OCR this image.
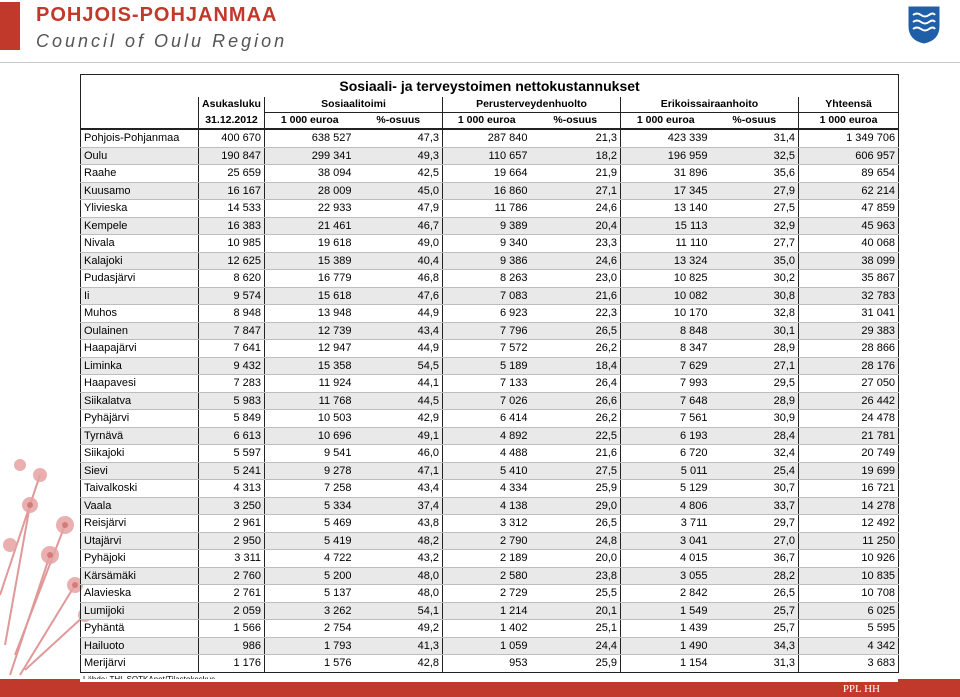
POHJOIS-POHJANMAA
Council of Oulu Region
Sosiaali- ja terveystoimen nettokustannukset								
	Asukasluku	Sosiaalitoimi		Perusterveydenhuolto		Erikoissairaanhoito		Yhteensä
	31.12.2012	1 000 euroa	%-osuus	1 000 euroa	%-osuus	1 000 euroa	%-osuus	1 000 euroa
Pohjois-Pohjanmaa	400 670	638 527	47,3	287 840	21,3	423 339	31,4	1 349 706
Oulu	190 847	299 341	49,3	110 657	18,2	196 959	32,5	606 957
Raahe	25 659	38 094	42,5	19 664	21,9	31 896	35,6	89 654
Kuusamo	16 167	28 009	45,0	16 860	27,1	17 345	27,9	62 214
Ylivieska	14 533	22 933	47,9	11 786	24,6	13 140	27,5	47 859
Kempele	16 383	21 461	46,7	9 389	20,4	15 113	32,9	45 963
Nivala	10 985	19 618	49,0	9 340	23,3	11 110	27,7	40 068
Kalajoki	12 625	15 389	40,4	9 386	24,6	13 324	35,0	38 099
Pudasjärvi	8 620	16 779	46,8	8 263	23,0	10 825	30,2	35 867
Ii	9 574	15 618	47,6	7 083	21,6	10 082	30,8	32 783
Muhos	8 948	13 948	44,9	6 923	22,3	10 170	32,8	31 041
Oulainen	7 847	12 739	43,4	7 796	26,5	8 848	30,1	29 383
Haapajärvi	7 641	12 947	44,9	7 572	26,2	8 347	28,9	28 866
Liminka	9 432	15 358	54,5	5 189	18,4	7 629	27,1	28 176
Haapavesi	7 283	11 924	44,1	7 133	26,4	7 993	29,5	27 050
Siikalatva	5 983	11 768	44,5	7 026	26,6	7 648	28,9	26 442
Pyhäjärvi	5 849	10 503	42,9	6 414	26,2	7 561	30,9	24 478
Tyrnävä	6 613	10 696	49,1	4 892	22,5	6 193	28,4	21 781
Siikajoki	5 597	9 541	46,0	4 488	21,6	6 720	32,4	20 749
Sievi	5 241	9 278	47,1	5 410	27,5	5 011	25,4	19 699
Taivalkoski	4 313	7 258	43,4	4 334	25,9	5 129	30,7	16 721
Vaala	3 250	5 334	37,4	4 138	29,0	4 806	33,7	14 278
Reisjärvi	2 961	5 469	43,8	3 312	26,5	3 711	29,7	12 492
Utajärvi	2 950	5 419	48,2	2 790	24,8	3 041	27,0	11 250
Pyhäjoki	3 311	4 722	43,2	2 189	20,0	4 015	36,7	10 926
Kärsämäki	2 760	5 200	48,0	2 580	23,8	3 055	28,2	10 835
Alavieska	2 761	5 137	48,0	2 729	25,5	2 842	26,5	10 708
Lumijoki	2 059	3 262	54,1	1 214	20,1	1 549	25,7	6 025
Pyhäntä	1 566	2 754	49,2	1 402	25,1	1 439	25,7	5 595
Hailuoto	986	1 793	41,3	1 059	24,4	1 490	34,3	4 342
Merijärvi	1 176	1 576	42,8	953	25,9	1 154	31,3	3 683
PPL HH
